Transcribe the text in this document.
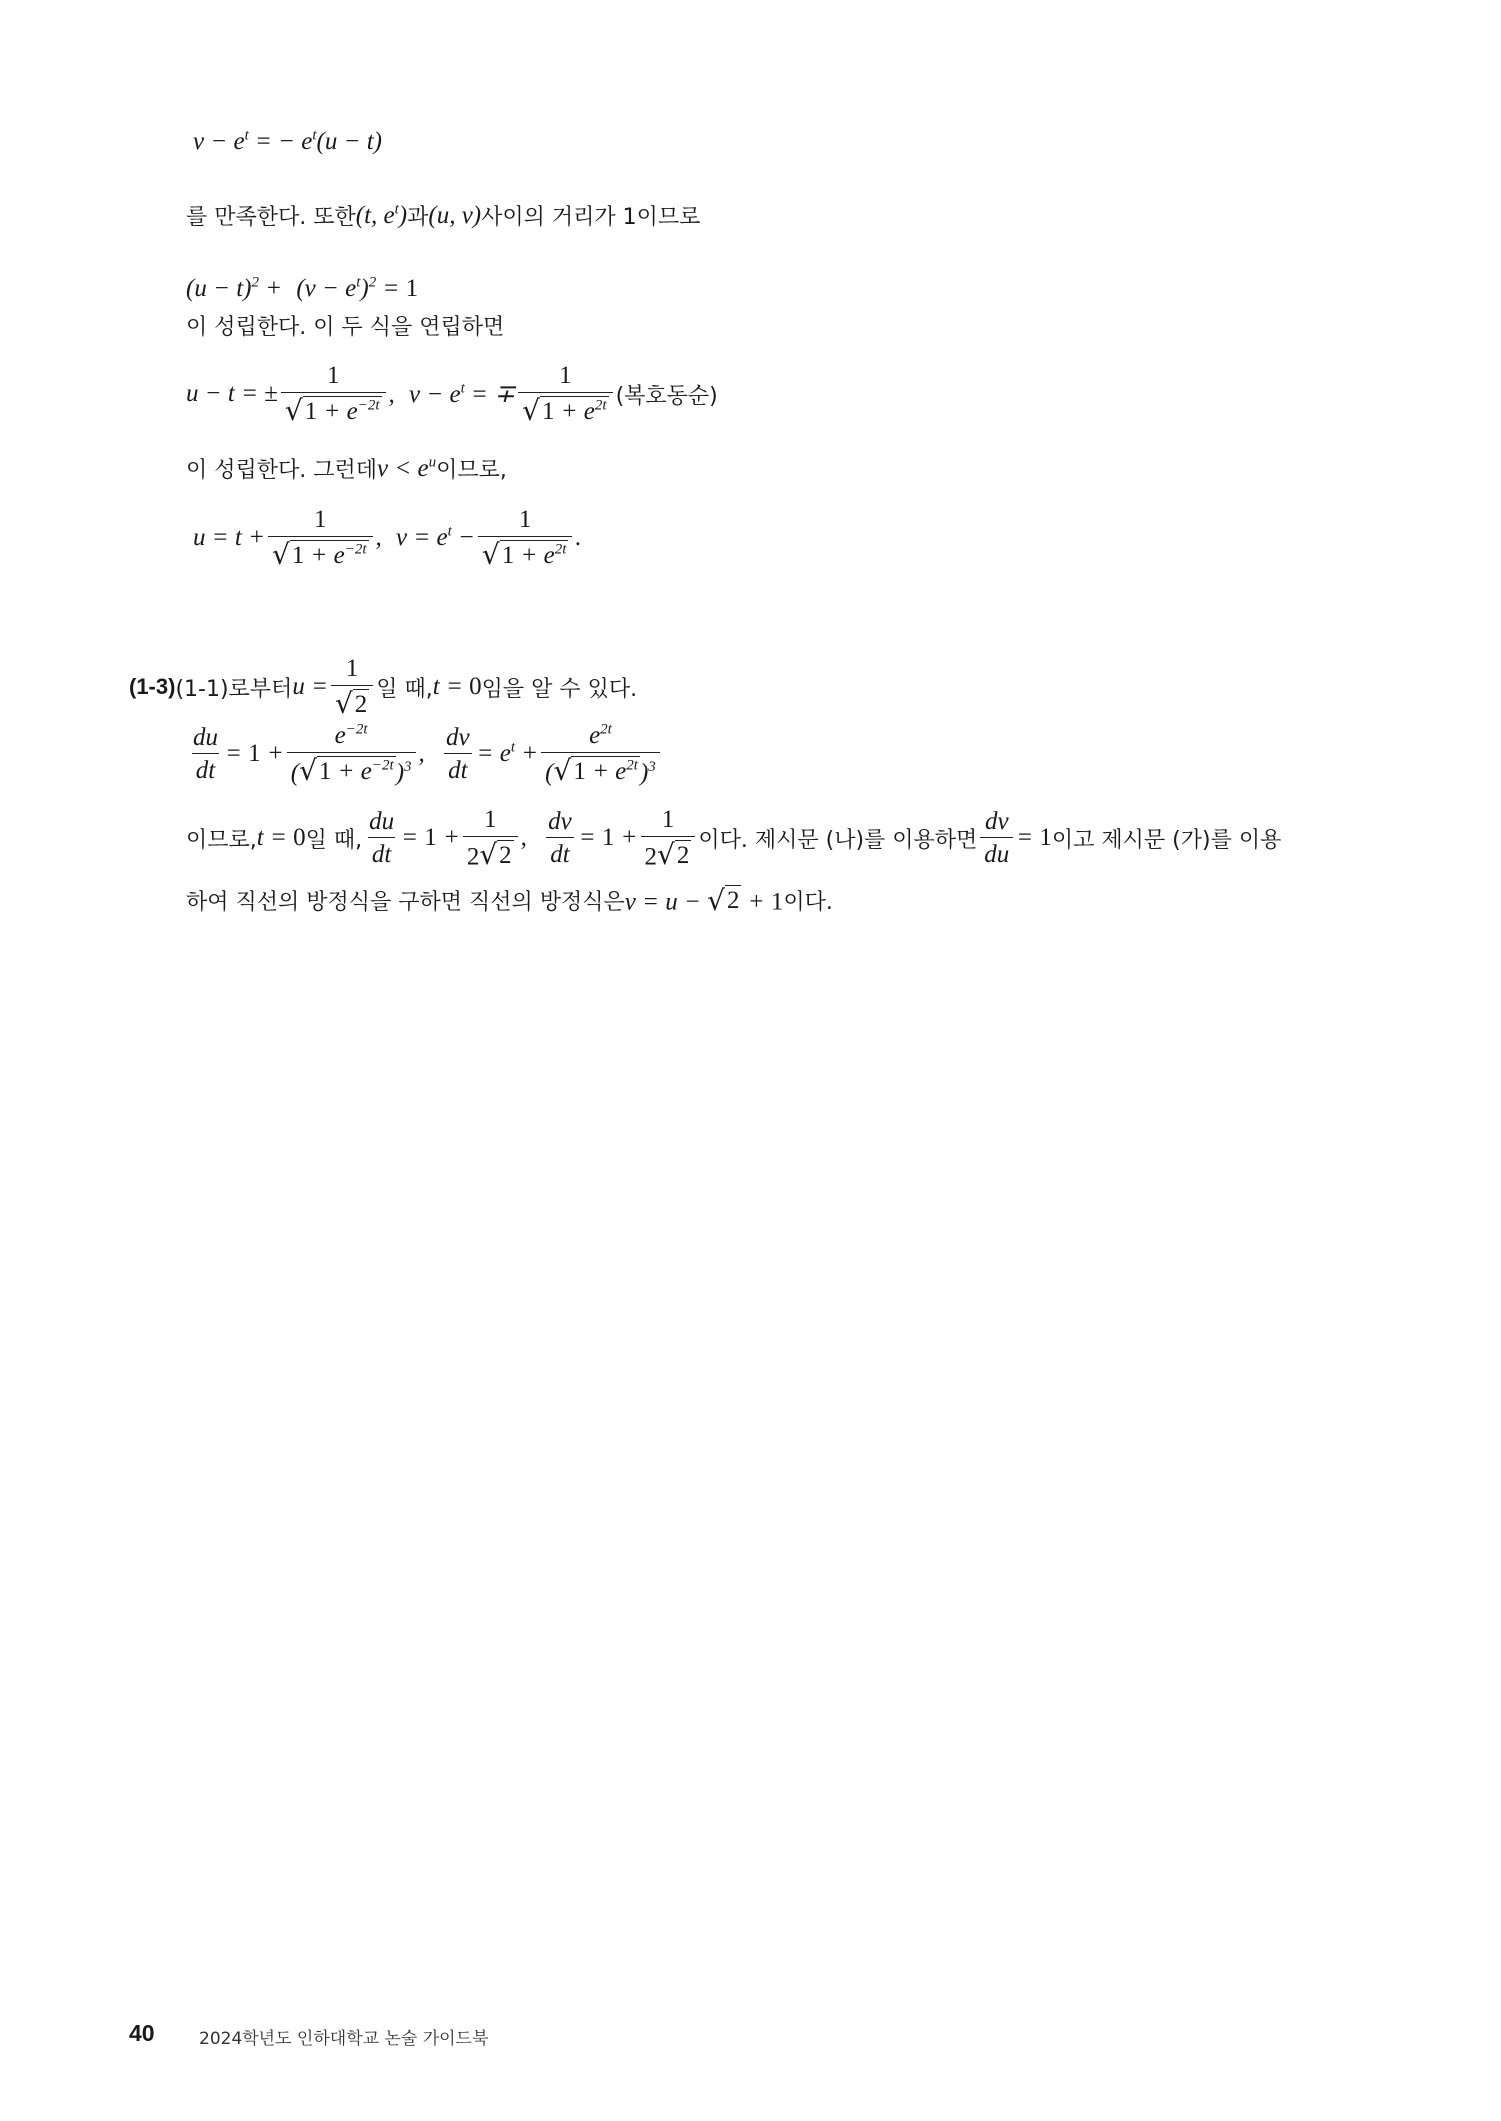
$v - e^t$ = − $e^t(u - t)$
를 만족한다. 또한 (t, $e^t$) 과 (u, v) 사이의 거리가 1이므로
$(u - t)^2 + (v - e^t)^2 = 1$
이 성립한다. 이 두 식을 연립하면
u − t = ± $\frac{1}{√ 1 + e^{-2t}}$ , $v - e^t$ = ∓ $\frac{1}{√ 1 + e^{2t}}$ (복호동순)
이 성립한다. 그런데 $v < e^u$ 이므로,
$u = t + \frac{1}{√ 1 + e^{-2t}}$ , $v = e^t - \frac{1}{√ 1 + e^{2t}}$ .
(1-3) (1-1)로부터 $u = \frac{1}{√ 2}$ 일 때, t = 0 임을 알 수 있다.
$\frac{du}{dt} = 1 + \frac{e^{-2t}}{( √ 1 + e^{-2t} )^3}$ , $\frac{dv}{dt} = e^t + \frac{e^{2t}}{( √ 1 + e^{2t} )^3}$
이므로, t = 0 일 때, $\frac{du}{dt} = 1 + \frac{1}{2 √ 2}$ , $\frac{dv}{dt} = 1 + \frac{1}{2 √ 2}$ 이다. 제시문 (나)를 이용하면 $\frac{dv}{du} = 1$ 이고 제시문 (가)를 이용
하여 직선의 방정식을 구하면 직선의 방정식은 v = u − √ 2 + 1 이다.
40	2024학년도 인하대학교 논술 가이드북
